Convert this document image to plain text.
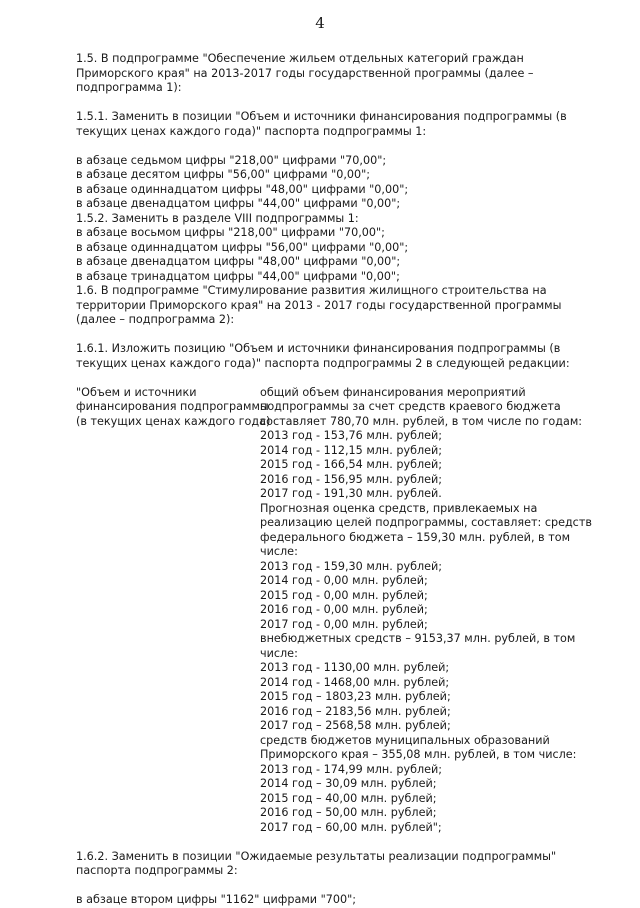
4

1.5. В подпрограмме "Обеспечение жильем отдельных категорий граждан Приморского края" на 2013-2017 годы государственной программы (далее – подпрограмма 1):

1.5.1. Заменить в позиции "Объем и источники финансирования подпрограммы (в текущих ценах каждого года)" паспорта подпрограммы 1:

в абзаце седьмом цифры "218,00" цифрами "70,00";

в абзаце десятом цифры "56,00" цифрами "0,00";

в абзаце одиннадцатом цифры "48,00" цифрами "0,00";

в абзаце двенадцатом цифры "44,00" цифрами "0,00";

1.5.2. Заменить в разделе VIII подпрограммы 1:

в абзаце восьмом цифры "218,00" цифрами "70,00";

в абзаце одиннадцатом цифры "56,00" цифрами "0,00";

в абзаце двенадцатом цифры "48,00" цифрами "0,00";

в абзаце тринадцатом цифры "44,00" цифрами "0,00";

1.6. В подпрограмме "Стимулирование развития жилищного строительства на территории Приморского края" на 2013 - 2017 годы государственной программы (далее – подпрограмма 2):

1.6.1. Изложить позицию "Объем и источники финансирования подпрограммы (в текущих ценах каждого года)" паспорта подпрограммы 2 в следующей редакции:

"Объем и источники
финансирования подпрограммы
(в текущих ценах каждого года)
общий объем финансирования мероприятий
подпрограммы за счет средств краевого бюджета
составляет 780,70 млн. рублей, в том числе по годам:
2013 год - 153,76 млн. рублей;
2014 год - 112,15 млн. рублей;
2015 год - 166,54 млн. рублей;
2016 год - 156,95 млн. рублей;
2017 год - 191,30 млн. рублей.
Прогнозная оценка средств, привлекаемых на
реализацию целей подпрограммы, составляет: средств
федерального бюджета – 159,30 млн. рублей, в том
числе:
2013 год - 159,30 млн. рублей;
2014 год - 0,00 млн. рублей;
2015 год - 0,00 млн. рублей;
2016 год - 0,00 млн. рублей;
2017 год - 0,00 млн. рублей;
внебюджетных средств – 9153,37 млн. рублей, в том
числе:
2013 год - 1130,00 млн. рублей;
2014 год - 1468,00 млн. рублей;
2015 год – 1803,23 млн. рублей;
2016 год – 2183,56 млн. рублей;
2017 год – 2568,58 млн. рублей;
средств бюджетов муниципальных образований
Приморского края – 355,08 млн. рублей, в том числе:
2013 год - 174,99 млн. рублей;
2014 год – 30,09 млн. рублей;
2015 год – 40,00 млн. рублей;
2016 год – 50,00 млн. рублей;
2017 год – 60,00 млн. рублей";

1.6.2. Заменить в позиции "Ожидаемые результаты реализации подпрограммы" паспорта подпрограммы 2:

в абзаце втором цифры "1162" цифрами "700";
